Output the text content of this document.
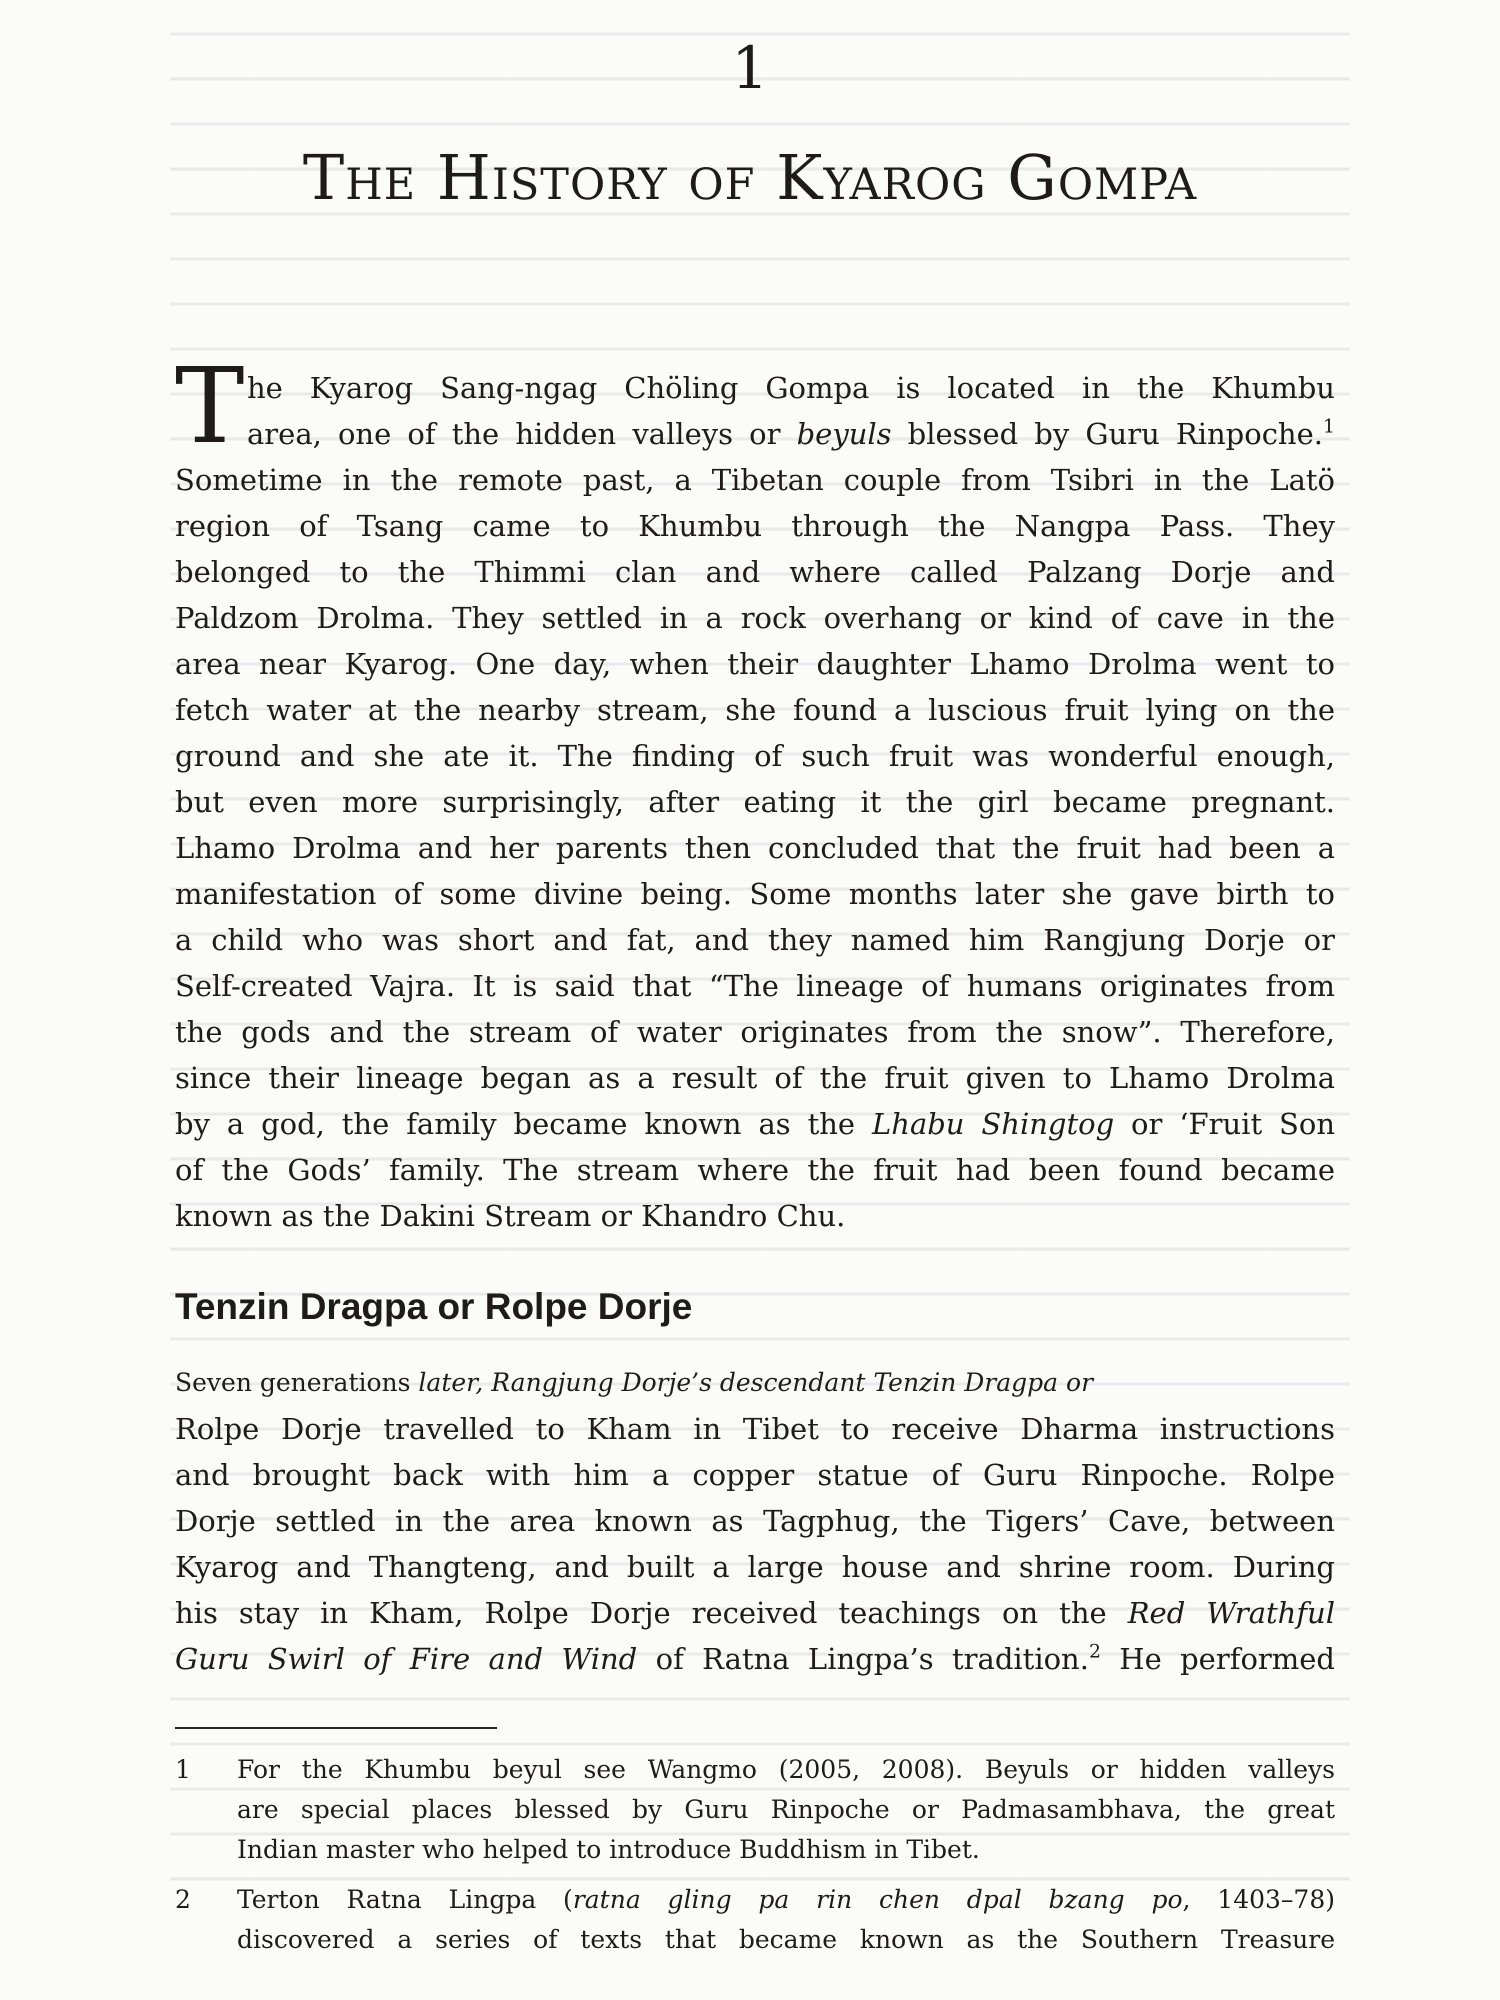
1
The History of Kyarog Gompa
T he Kyarog Sang-ngag Chöling Gompa is located in the Khumbu
area, one of the hidden valleys or beyuls blessed by Guru Rinpoche.$^1$
Sometime in the remote past, a Tibetan couple from Tsibri in the Latö
region of Tsang came to Khumbu through the Nangpa Pass. They
belonged to the Thimmi clan and where called Palzang Dorje and
Paldzom Drolma. They settled in a rock overhang or kind of cave in the
area near Kyarog. One day, when their daughter Lhamo Drolma went to
fetch water at the nearby stream, she found a luscious fruit lying on the
ground and she ate it. The finding of such fruit was wonderful enough,
but even more surprisingly, after eating it the girl became pregnant.
Lhamo Drolma and her parents then concluded that the fruit had been a
manifestation of some divine being. Some months later she gave birth to
a child who was short and fat, and they named him Rangjung Dorje or
Self-created Vajra. It is said that “The lineage of humans originates from
the gods and the stream of water originates from the snow”. Therefore,
since their lineage began as a result of the fruit given to Lhamo Drolma
by a god, the family became known as the Lhabu Shingtog or ‘Fruit Son
of the Gods’ family. The stream where the fruit had been found became
known as the Dakini Stream or Khandro Chu.
Tenzin Dragpa or Rolpe Dorje
Seven generations later, Rangjung Dorje’s descendant Tenzin Dragpa or
Rolpe Dorje travelled to Kham in Tibet to receive Dharma instructions
and brought back with him a copper statue of Guru Rinpoche. Rolpe
Dorje settled in the area known as Tagphug, the Tigers’ Cave, between
Kyarog and Thangteng, and built a large house and shrine room. During
his stay in Kham, Rolpe Dorje received teachings on the Red Wrathful
Guru Swirl of Fire and Wind of Ratna Lingpa’s tradition.$^2$ He performed
1	For the Khumbu beyul see Wangmo (2005, 2008). Beyuls or hidden valleys
are special places blessed by Guru Rinpoche or Padmasambhava, the great
Indian master who helped to introduce Buddhism in Tibet.
2	Terton Ratna Lingpa (ratna gling pa rin chen dpal bzang po, 1403–78)
discovered a series of texts that became known as the Southern Treasure
